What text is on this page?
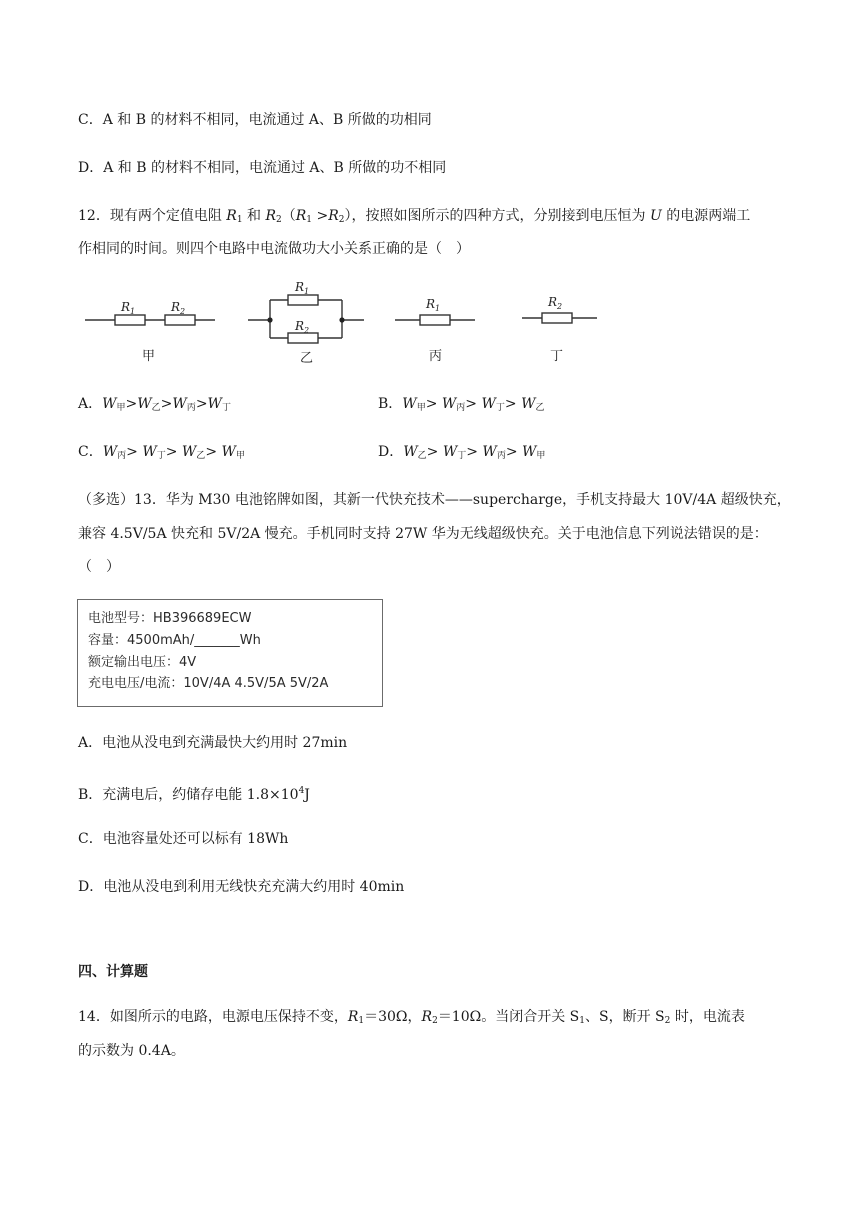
C．A 和 B 的材料不相同，电流通过 A、B 所做的功相同
D．A 和 B 的材料不相同，电流通过 A、B 所做的功不相同
12．现有两个定值电阻 $R_1$ 和 $R_2(R_1 >R_2)$，按照如图所示的四种方式，分别接到电压恒为 U 的电源两端工
作相同的时间。则四个电路中电流做功大小关系正确的是（　）
$R_1$	$R_2$
$R_1$
$R_2$
$R_1$	$R_2$
甲	乙	丙	丁
A．$W_甲>W_乙>W_丙>W_丁$	B．$W_甲> W_丙> W_丁> W_乙$
C．$W_丙> W_丁> W_乙> W_甲$	D．$W_乙> W_丁> W_丙> W_甲$
（多选）13．华为 M30 电池铭牌如图，其新一代快充技术——supercharge，手机支持最大 10V/4A 超级快充，
兼容 4.5V/5A 快充和 5V/2A 慢充。手机同时支持 27W 华为无线超级快充。关于电池信息下列说法错误的是：
（　）
电池型号：HB396689ECW
容量：4500mAh/_______Wh
额定输出电压：4V
充电电压/电流：10V/4A 4.5V/5A 5V/2A
A．电池从没电到充满最快大约用时 27min
B．充满电后，约储存电能 $1.8\times 10^4J$
C．电池容量处还可以标有 18Wh
D．电池从没电到利用无线快充充满大约用时 40min
四、计算题
14．如图所示的电路，电源电压保持不变，$R_1=30\Omega$，$R_2=10\Omega$。当闭合开关 $S_1$、S，断开 $S_2$ 时，电流表
的示数为 0.4A。
